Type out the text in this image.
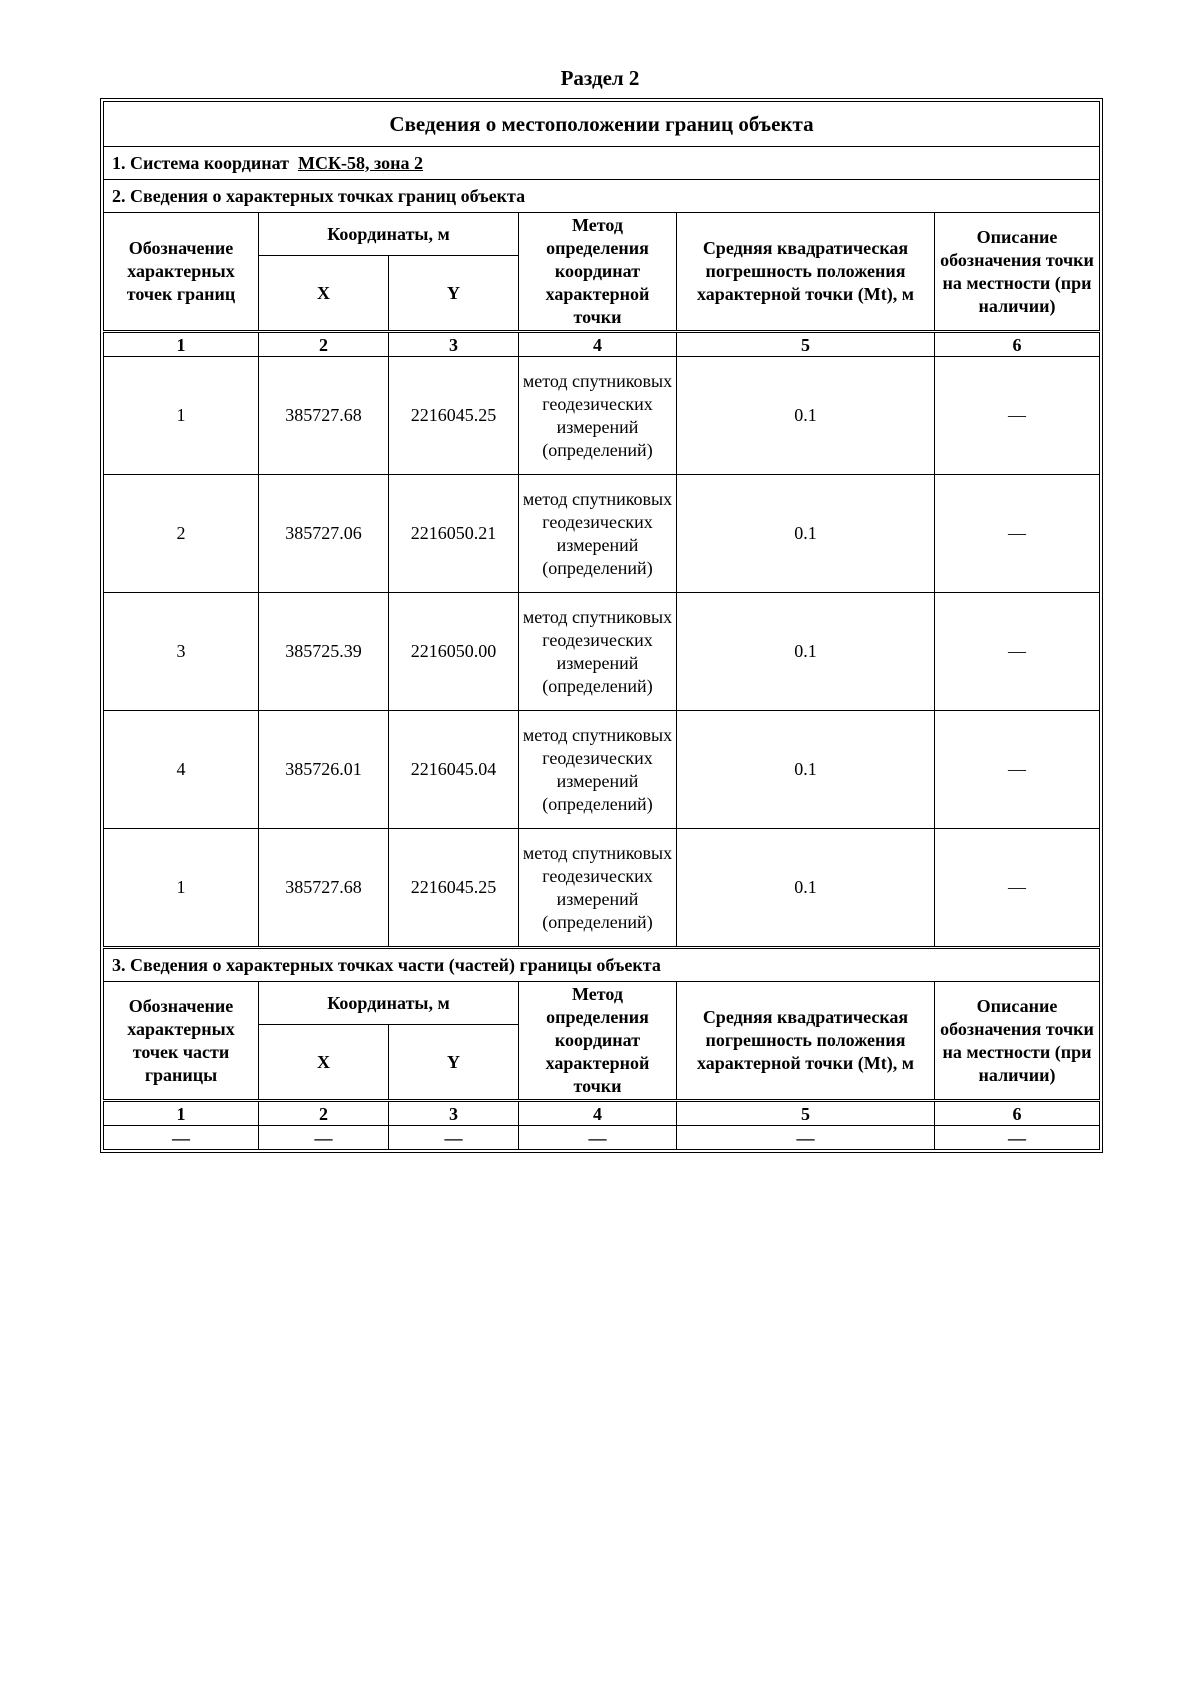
Раздел 2
Сведения о местоположении границ объекта					
1. Система координат МСК-58, зона 2					
2. Сведения о характерных точках границ объекта					
Обозначение характерных точек границ	Координаты, м		Метод определения координат характерной точки	Средняя квадратическая погрешность положения характерной точки (Mt), м	Описание обозначения точки на местности (при наличии)
	X	Y			
1	2	3	4	5	6
1	385727.68	2216045.25	метод спутниковых геодезических измерений (определений)	0.1	—
2	385727.06	2216050.21	метод спутниковых геодезических измерений (определений)	0.1	—
3	385725.39	2216050.00	метод спутниковых геодезических измерений (определений)	0.1	—
4	385726.01	2216045.04	метод спутниковых геодезических измерений (определений)	0.1	—
1	385727.68	2216045.25	метод спутниковых геодезических измерений (определений)	0.1	—
3. Сведения о характерных точках части (частей) границы объекта					
Обозначение характерных точек части границы	Координаты, м		Метод определения координат характерной точки	Средняя квадратическая погрешность положения характерной точки (Mt), м	Описание обозначения точки на местности (при наличии)
	X	Y			
1	2	3	4	5	6
—	—	—	—	—	—
